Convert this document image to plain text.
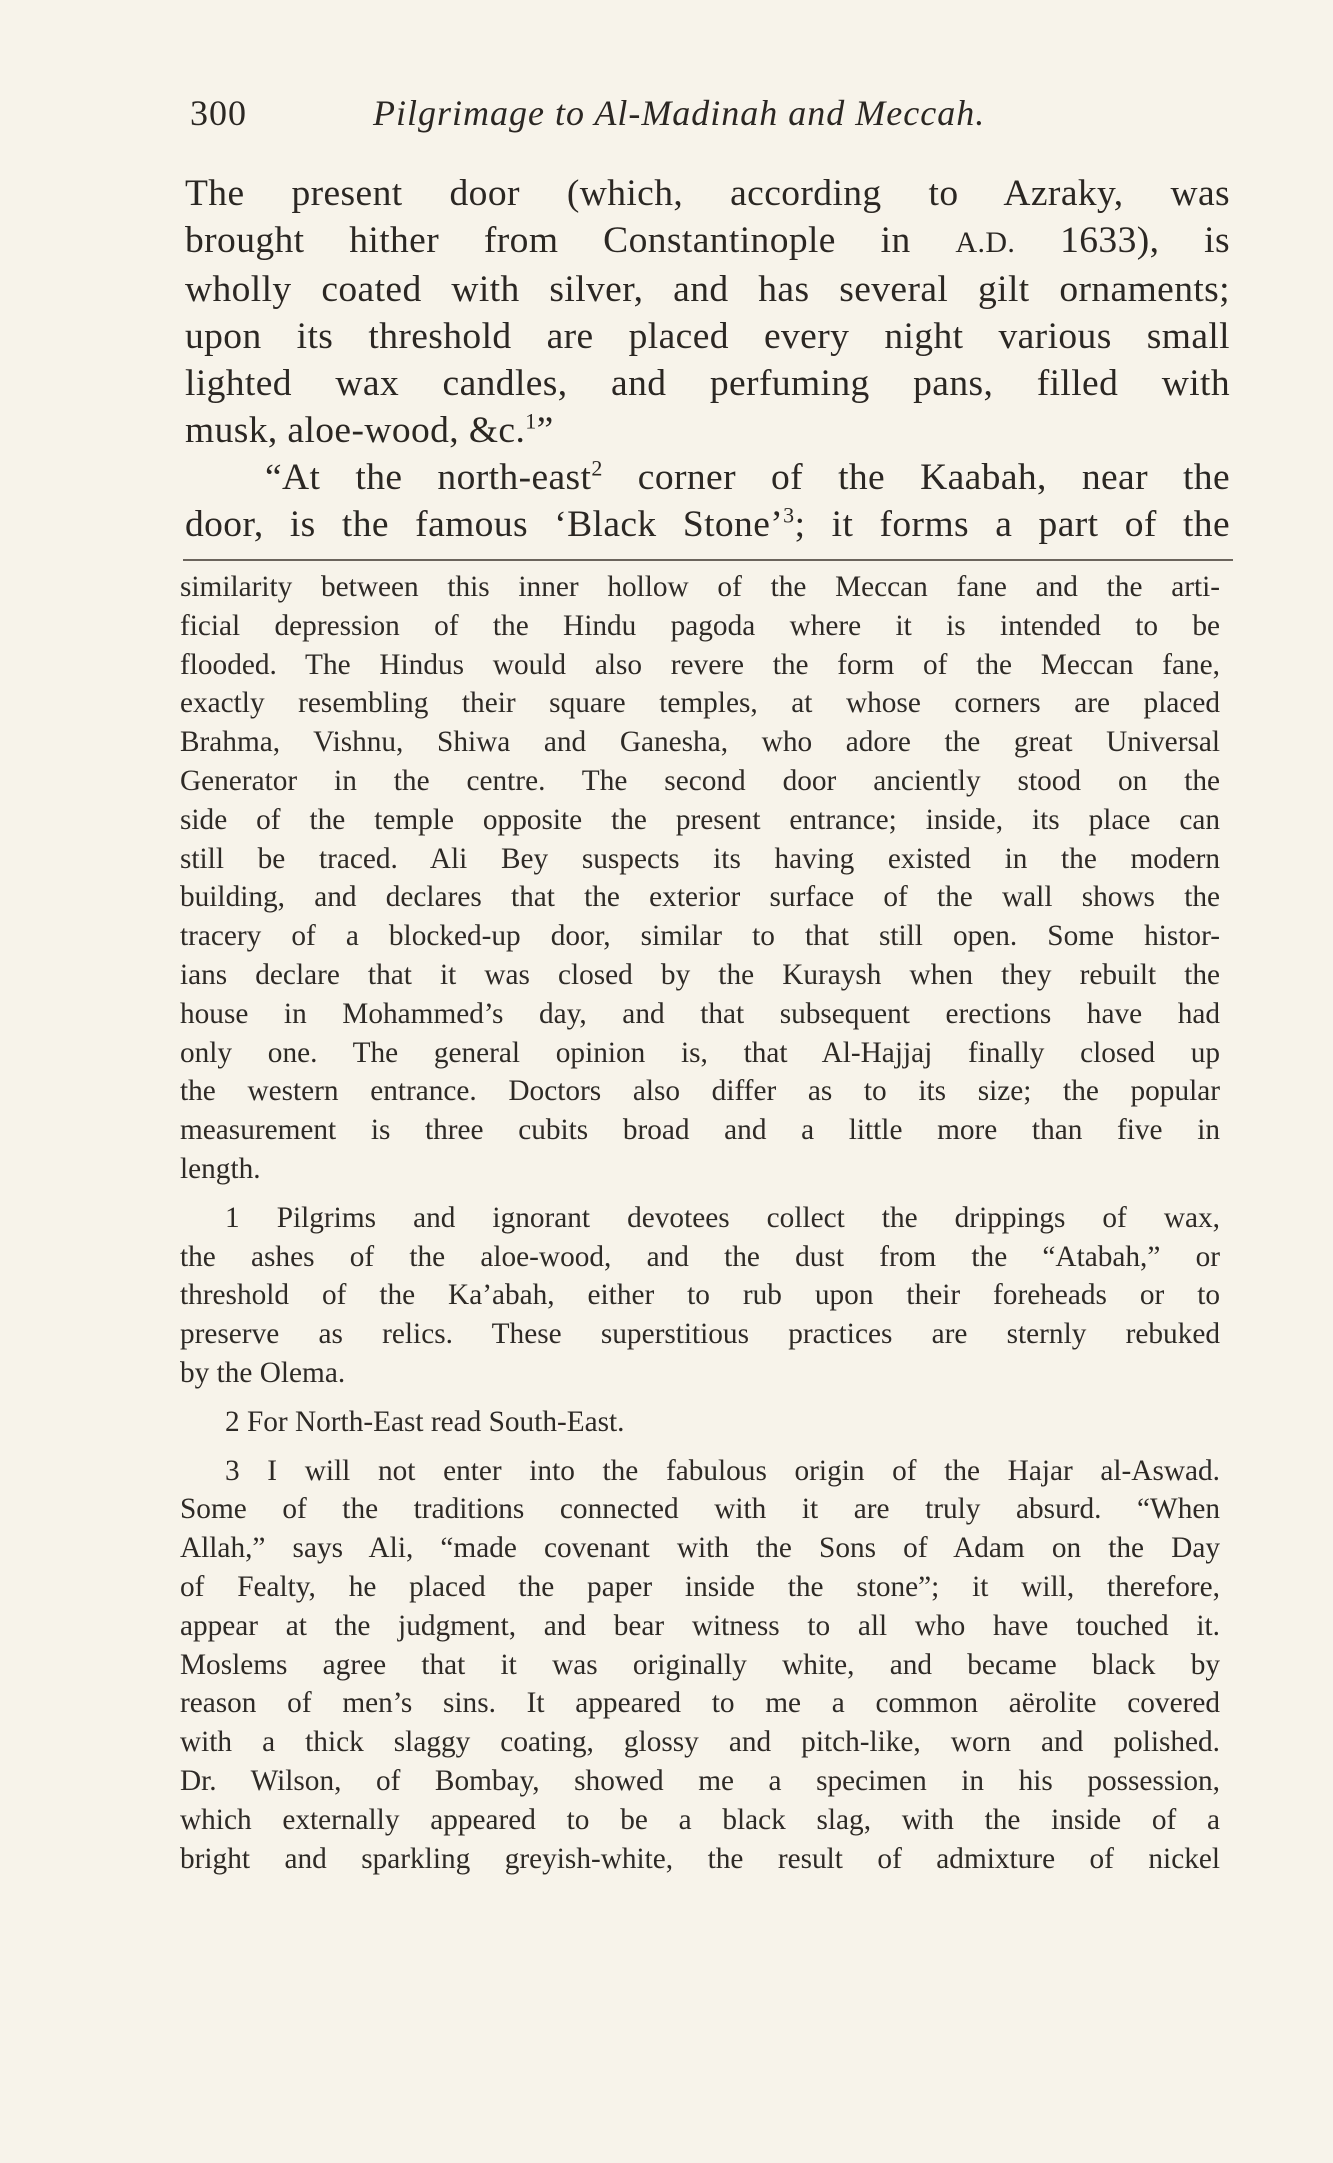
300	Pilgrimage to Al-Madinah and Meccah.

The present door (which, according to Azraky, was
brought hither from Constantinople in A.D. 1633), is
wholly coated with silver, and has several gilt ornaments;
upon its threshold are placed every night various small
lighted wax candles, and perfuming pans, filled with
musk, aloe-wood, &c.$^1$”

“At the north-east$^2$ corner of the Kaabah, near the
door, is the famous ‘Black Stone’$^3$; it forms a part of the

similarity between this inner hollow of the Meccan fane and the arti-
ficial depression of the Hindu pagoda where it is intended to be
flooded. The Hindus would also revere the form of the Meccan fane,
exactly resembling their square temples, at whose corners are placed
Brahma, Vishnu, Shiwa and Ganesha, who adore the great Universal
Generator in the centre. The second door anciently stood on the
side of the temple opposite the present entrance; inside, its place can
still be traced. Ali Bey suspects its having existed in the modern
building, and declares that the exterior surface of the wall shows the
tracery of a blocked-up door, similar to that still open. Some histor-
ians declare that it was closed by the Kuraysh when they rebuilt the
house in Mohammed’s day, and that subsequent erections have had
only one. The general opinion is, that Al-Hajjaj finally closed up
the western entrance. Doctors also differ as to its size; the popular
measurement is three cubits broad and a little more than five in
length.
1 Pilgrims and ignorant devotees collect the drippings of wax,
the ashes of the aloe-wood, and the dust from the “Atabah,” or
threshold of the Ka’abah, either to rub upon their foreheads or to
preserve as relics. These superstitious practices are sternly rebuked
by the Olema.
2 For North-East read South-East.
3 I will not enter into the fabulous origin of the Hajar al-Aswad.
Some of the traditions connected with it are truly absurd. “When
Allah,” says Ali, “made covenant with the Sons of Adam on the Day
of Fealty, he placed the paper inside the stone”; it will, therefore,
appear at the judgment, and bear witness to all who have touched it.
Moslems agree that it was originally white, and became black by
reason of men’s sins. It appeared to me a common aërolite covered
with a thick slaggy coating, glossy and pitch-like, worn and polished.
Dr. Wilson, of Bombay, showed me a specimen in his possession,
which externally appeared to be a black slag, with the inside of a
bright and sparkling greyish-white, the result of admixture of nickel
